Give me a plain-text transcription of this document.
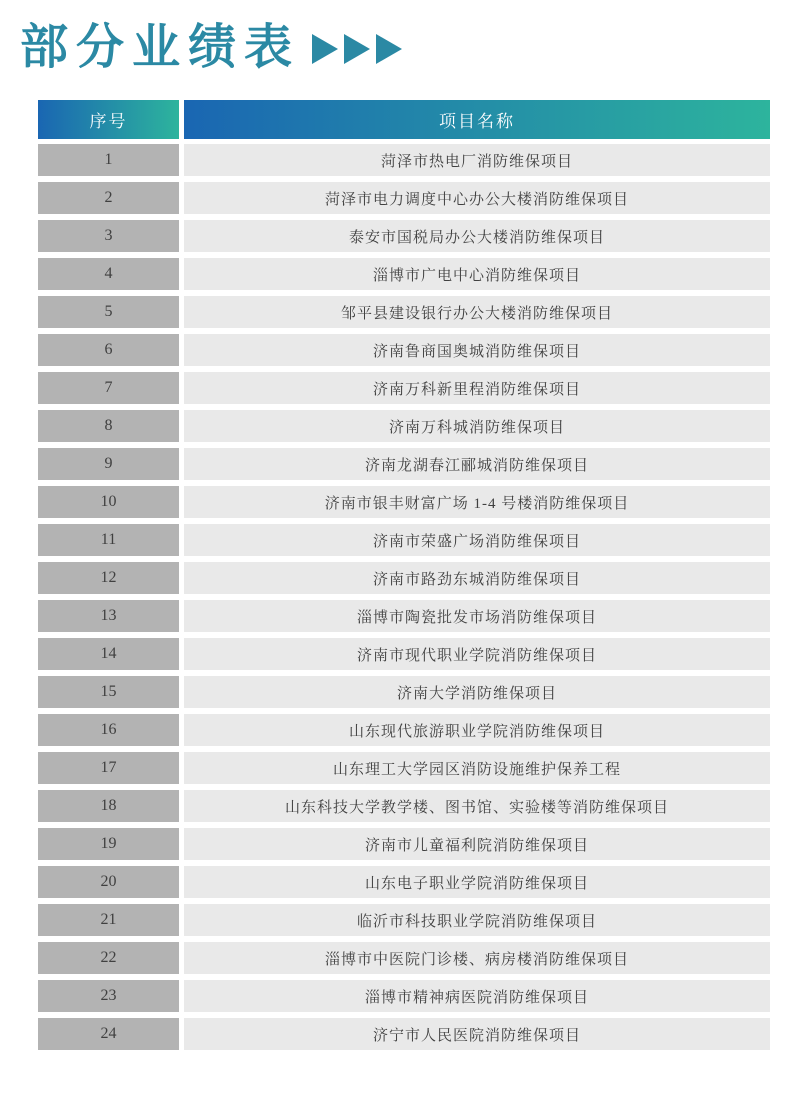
部分业绩表
序号	项目名称
1	菏泽市热电厂消防维保项目
2	菏泽市电力调度中心办公大楼消防维保项目
3	泰安市国税局办公大楼消防维保项目
4	淄博市广电中心消防维保项目
5	邹平县建设银行办公大楼消防维保项目
6	济南鲁商国奥城消防维保项目
7	济南万科新里程消防维保项目
8	济南万科城消防维保项目
9	济南龙湖春江郦城消防维保项目
10	济南市银丰财富广场 1-4 号楼消防维保项目
11	济南市荣盛广场消防维保项目
12	济南市路劲东城消防维保项目
13	淄博市陶瓷批发市场消防维保项目
14	济南市现代职业学院消防维保项目
15	济南大学消防维保项目
16	山东现代旅游职业学院消防维保项目
17	山东理工大学园区消防设施维护保养工程
18	山东科技大学教学楼、图书馆、实验楼等消防维保项目
19	济南市儿童福利院消防维保项目
20	山东电子职业学院消防维保项目
21	临沂市科技职业学院消防维保项目
22	淄博市中医院门诊楼、病房楼消防维保项目
23	淄博市精神病医院消防维保项目
24	济宁市人民医院消防维保项目
